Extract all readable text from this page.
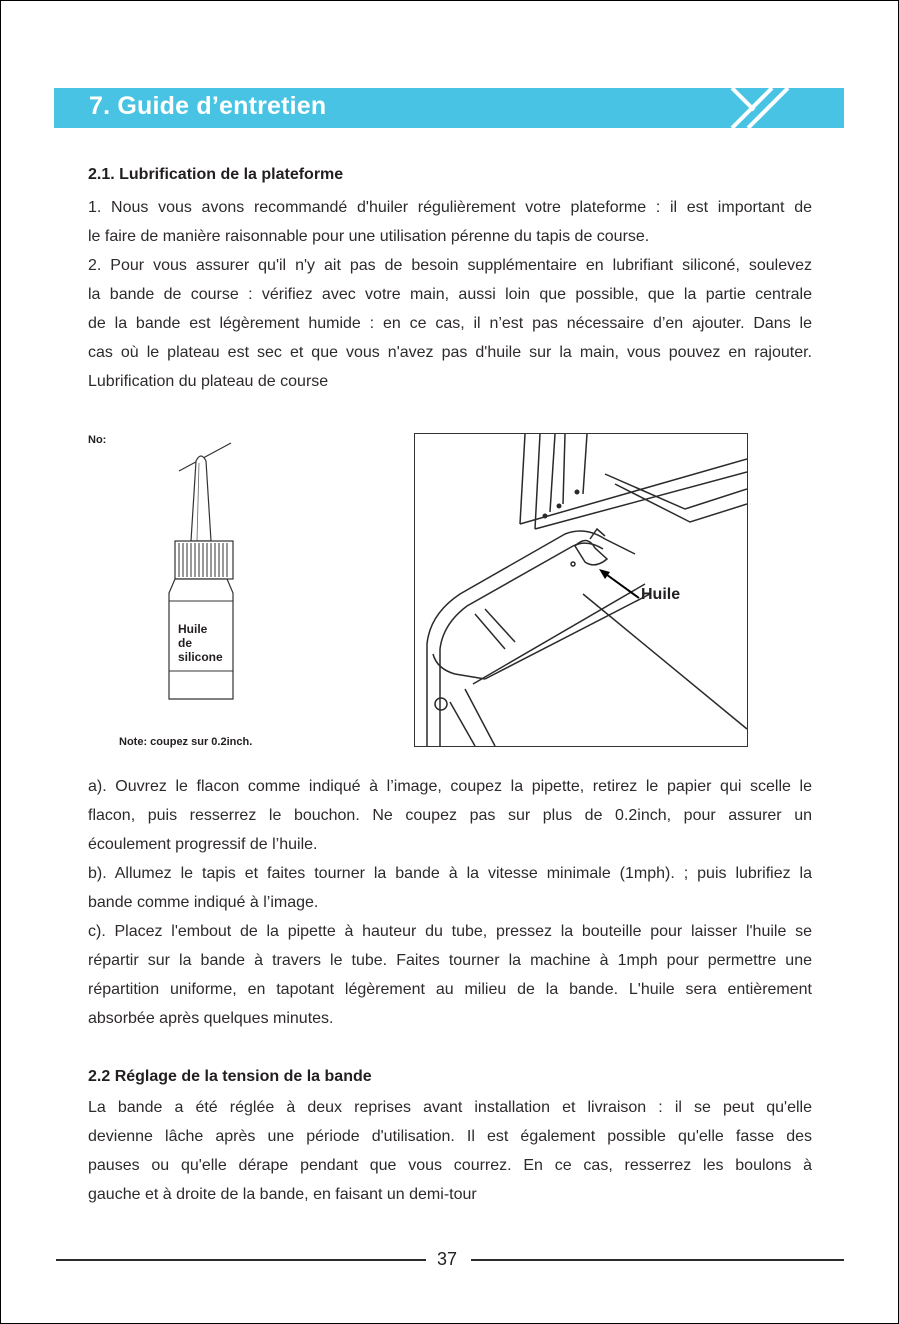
7. Guide d’entretien
2.1. Lubrification de la plateforme

1. Nous vous avons recommandé d'huiler régulièrement votre plateforme : il est important de

le faire de manière raisonnable pour une utilisation pérenne du tapis de course.

2. Pour vous assurer qu'il n'y ait pas de besoin supplémentaire en lubrifiant siliconé, soulevez

la bande de course : vérifiez avec votre main, aussi loin que possible, que la partie centrale

de la bande est légèrement humide : en ce cas, il n’est pas nécessaire d’en ajouter. Dans le

cas où le plateau est sec et que vous n'avez pas d'huile sur la main, vous pouvez en rajouter.

Lubrification du plateau de course

No:
Huile
de
silicone
Note: coupez sur 0.2inch.
Huile

a). Ouvrez le flacon comme indiqué à l’image, coupez la pipette, retirez le papier qui scelle le

flacon, puis resserrez le bouchon. Ne coupez pas sur plus de 0.2inch, pour assurer un

écoulement progressif de l’huile.

b). Allumez le tapis et faites tourner la bande à la vitesse minimale (1mph). ; puis lubrifiez la

bande comme indiqué à l’image.

c). Placez l'embout de la pipette à hauteur du tube, pressez la bouteille pour laisser l'huile se

répartir sur la bande à travers le tube. Faites tourner la machine à 1mph pour permettre une

répartition uniforme, en tapotant légèrement au milieu de la bande. L'huile sera entièrement

absorbée après quelques minutes.

2.2 Réglage de la tension de la bande

La bande a été réglée à deux reprises avant installation et livraison : il se peut qu'elle

devienne lâche après une période d'utilisation. Il est également possible qu'elle fasse des

pauses ou qu'elle dérape pendant que vous courrez. En ce cas, resserrez les boulons à

gauche et à droite de la bande, en faisant un demi-tour

37
